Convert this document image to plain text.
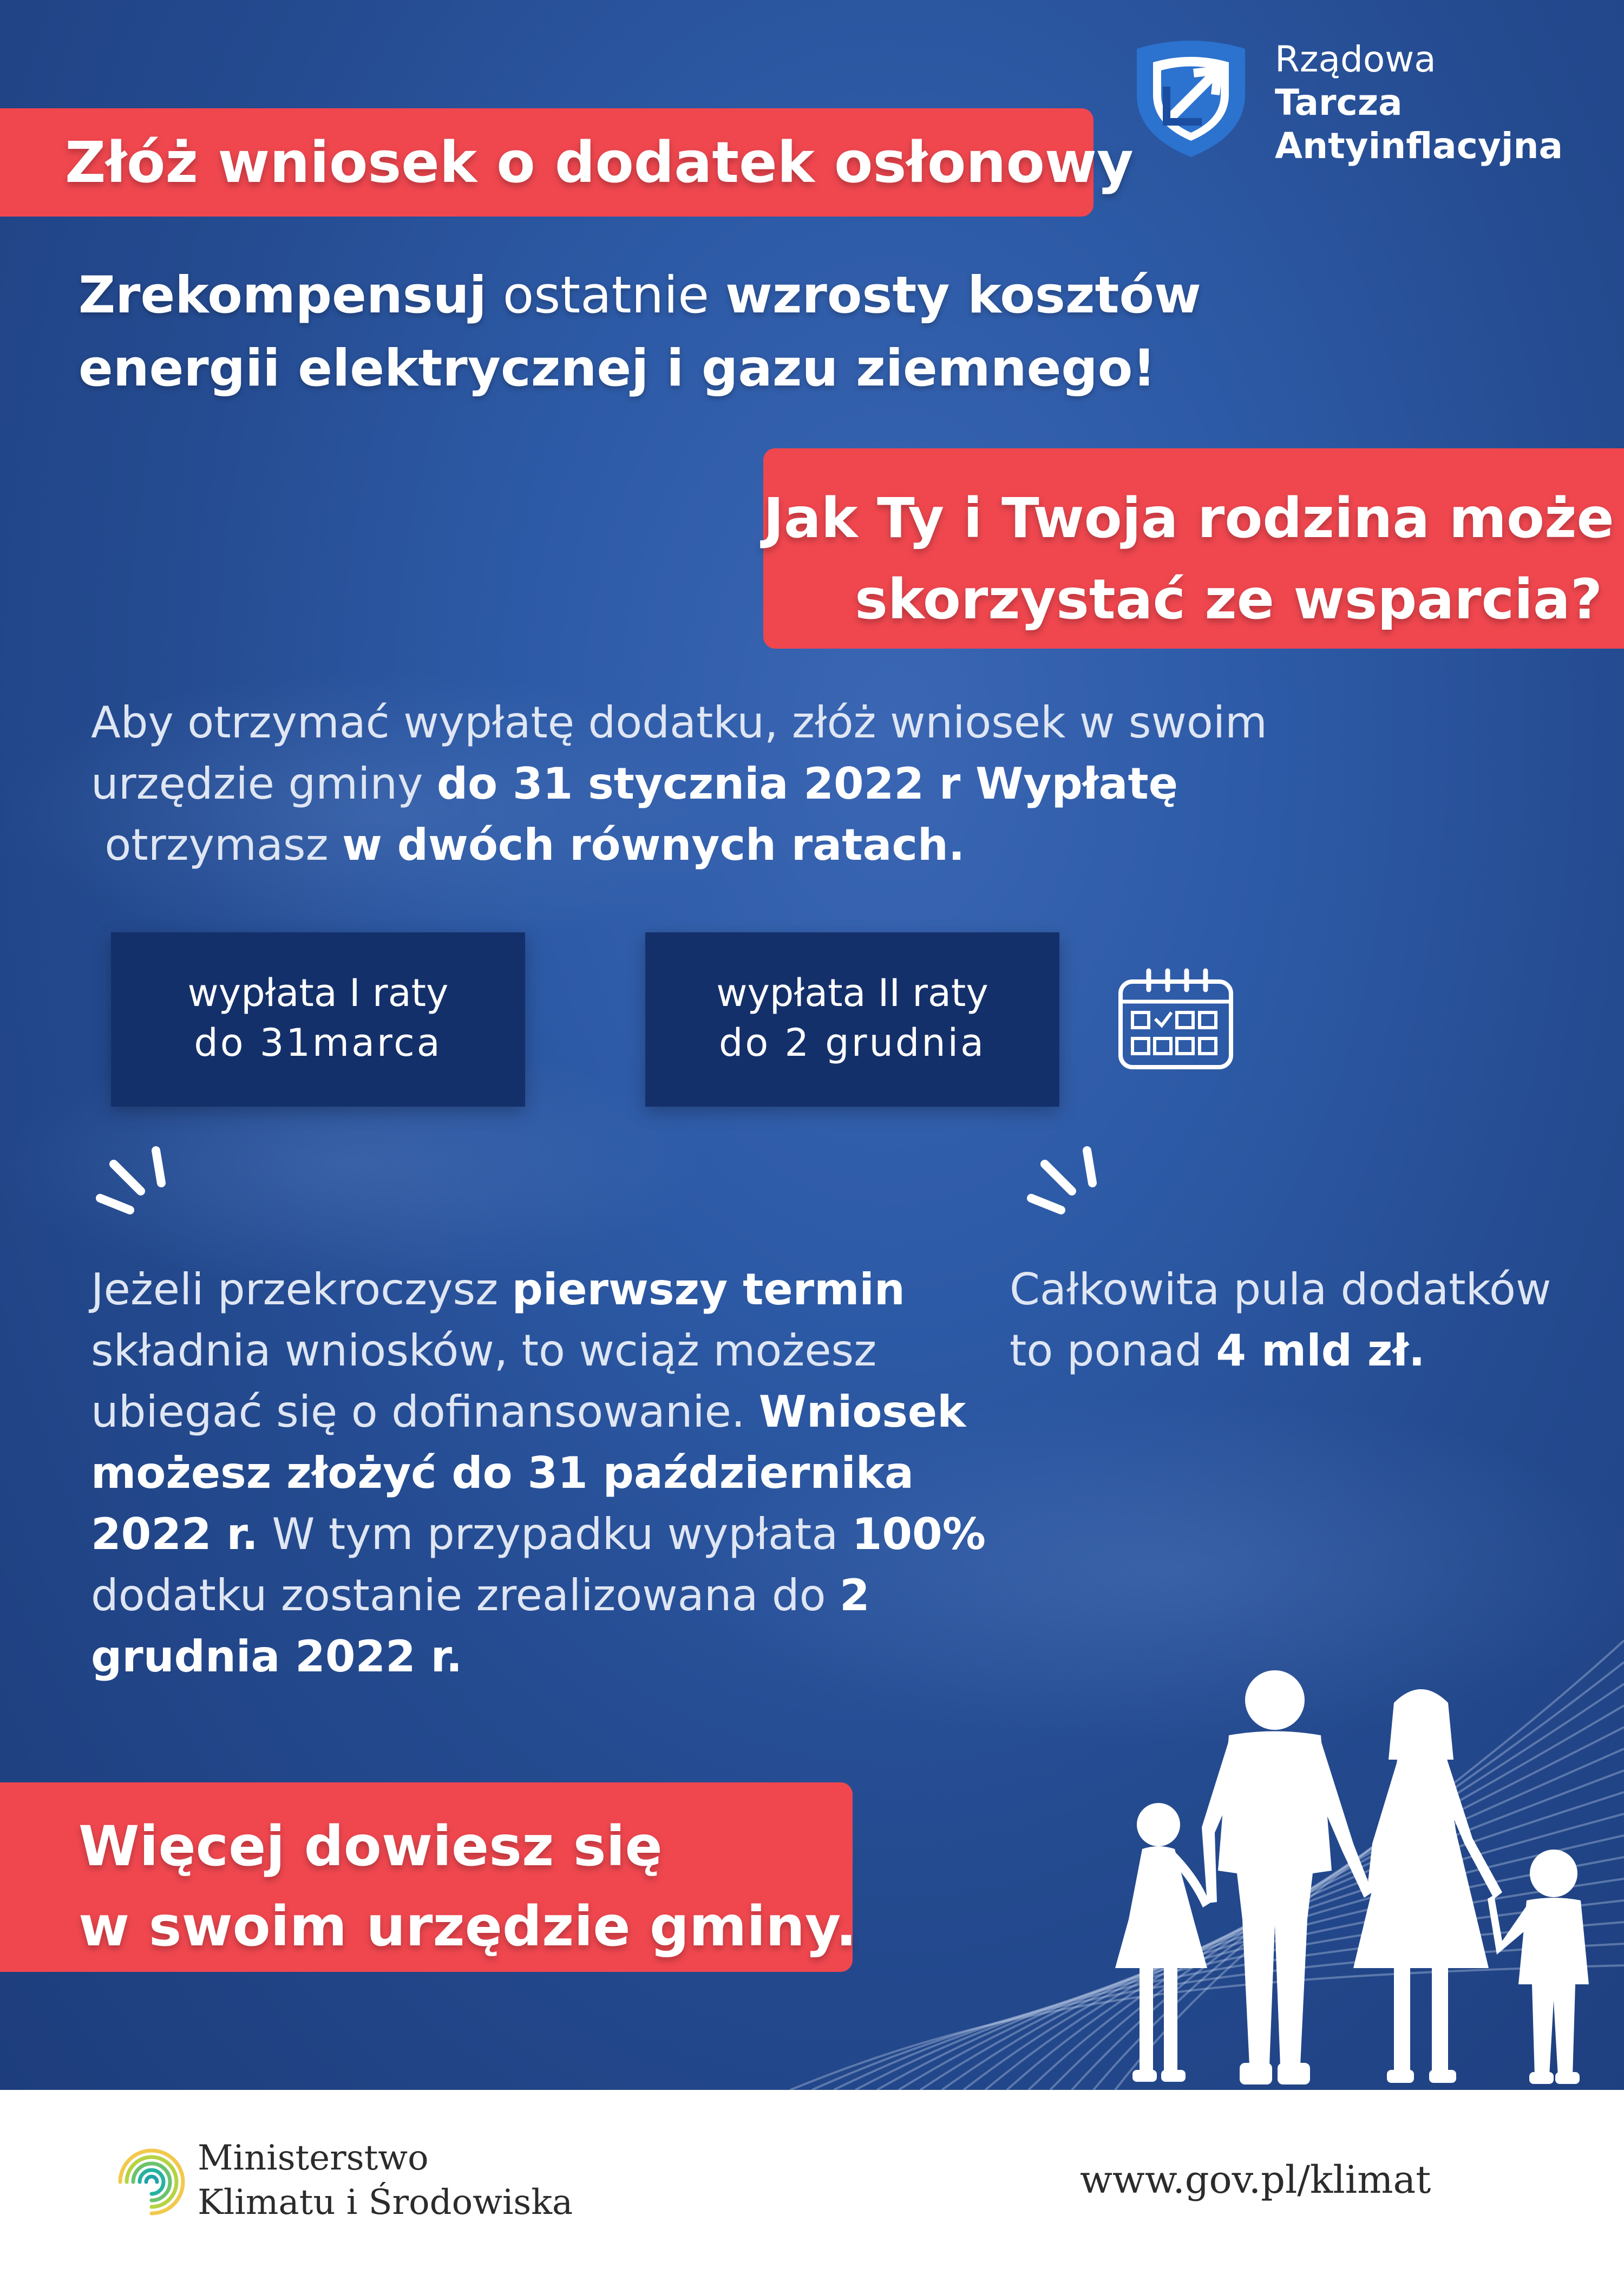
Rządowa
Tarcza
Antyinflacyjna
Złóż wniosek o dodatek osłonowy
Zrekompensuj ostatnie wzrosty kosztów
energii elektrycznej i gazu ziemnego!
Jak Ty i Twoja rodzina może
skorzystać ze wsparcia?
Aby otrzymać wypłatę dodatku, złóż wniosek w swoim urzędzie gminy do 31 stycznia 2022 r Wypłatę otrzymasz w dwóch równych ratach.
wypłata I raty
do 31marca
wypłata II raty
do 2 grudnia
Jeżeli przekroczysz pierwszy termin składnia wniosków, to wciąż możesz ubiegać się o dofinansowanie. Wniosek możesz złożyć do 31 października 2022 r. W tym przypadku wypłata 100% dodatku zostanie zrealizowana do 2 grudnia 2022 r.
Całkowita pula dodatków to ponad 4 mld zł.
Więcej dowiesz się
w swoim urzędzie gminy.
Ministerstwo
Klimatu i Środowiska
www.gov.pl/klimat
